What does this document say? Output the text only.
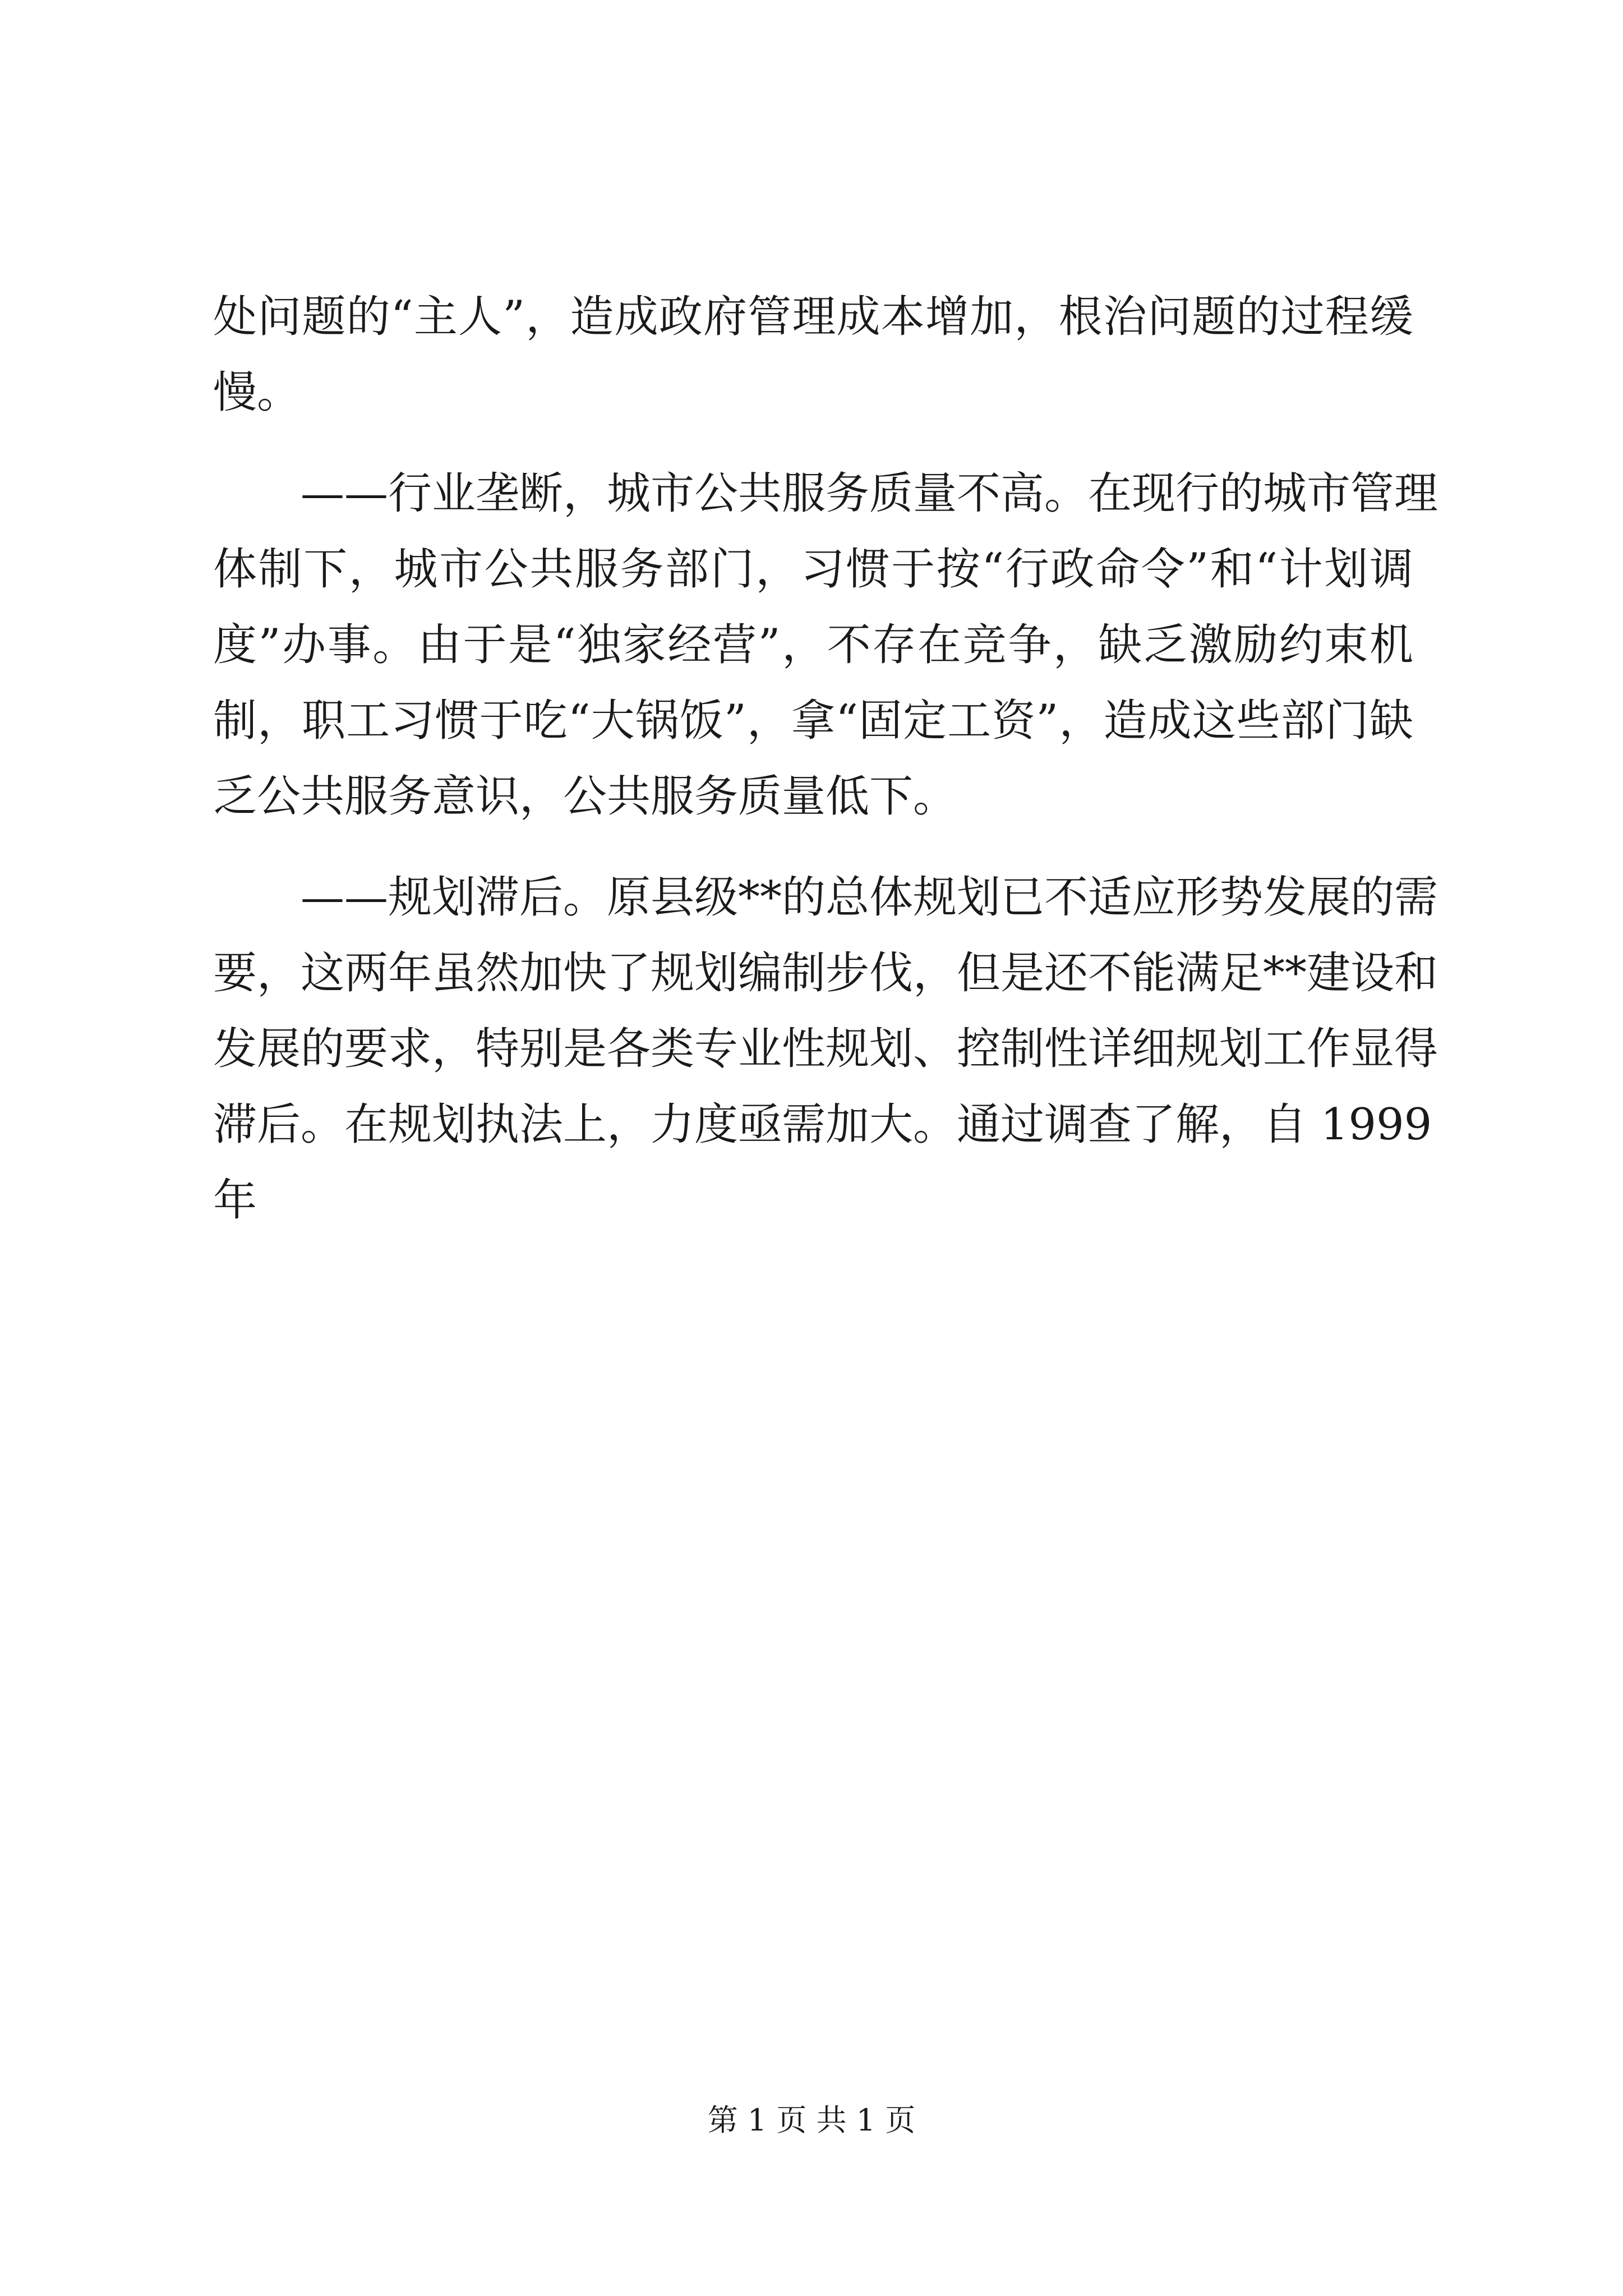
处问题的“主人”，造成政府管理成本增加，根治问题的过程缓
慢。
　　——行业垄断，城市公共服务质量不高。在现行的城市管理
体制下，城市公共服务部门，习惯于按“行政命令”和“计划调
度”办事。由于是“独家经营”，不存在竞争，缺乏激励约束机
制，职工习惯于吃“大锅饭”，拿“固定工资”，造成这些部门缺
乏公共服务意识，公共服务质量低下。
　　——规划滞后。原县级**的总体规划已不适应形势发展的需
要，这两年虽然加快了规划编制步伐，但是还不能满足**建设和
发展的要求，特别是各类专业性规划、控制性详细规划工作显得
滞后。在规划执法上，力度亟需加大。通过调查了解，自 1999
年
第 1 页 共 1 页
